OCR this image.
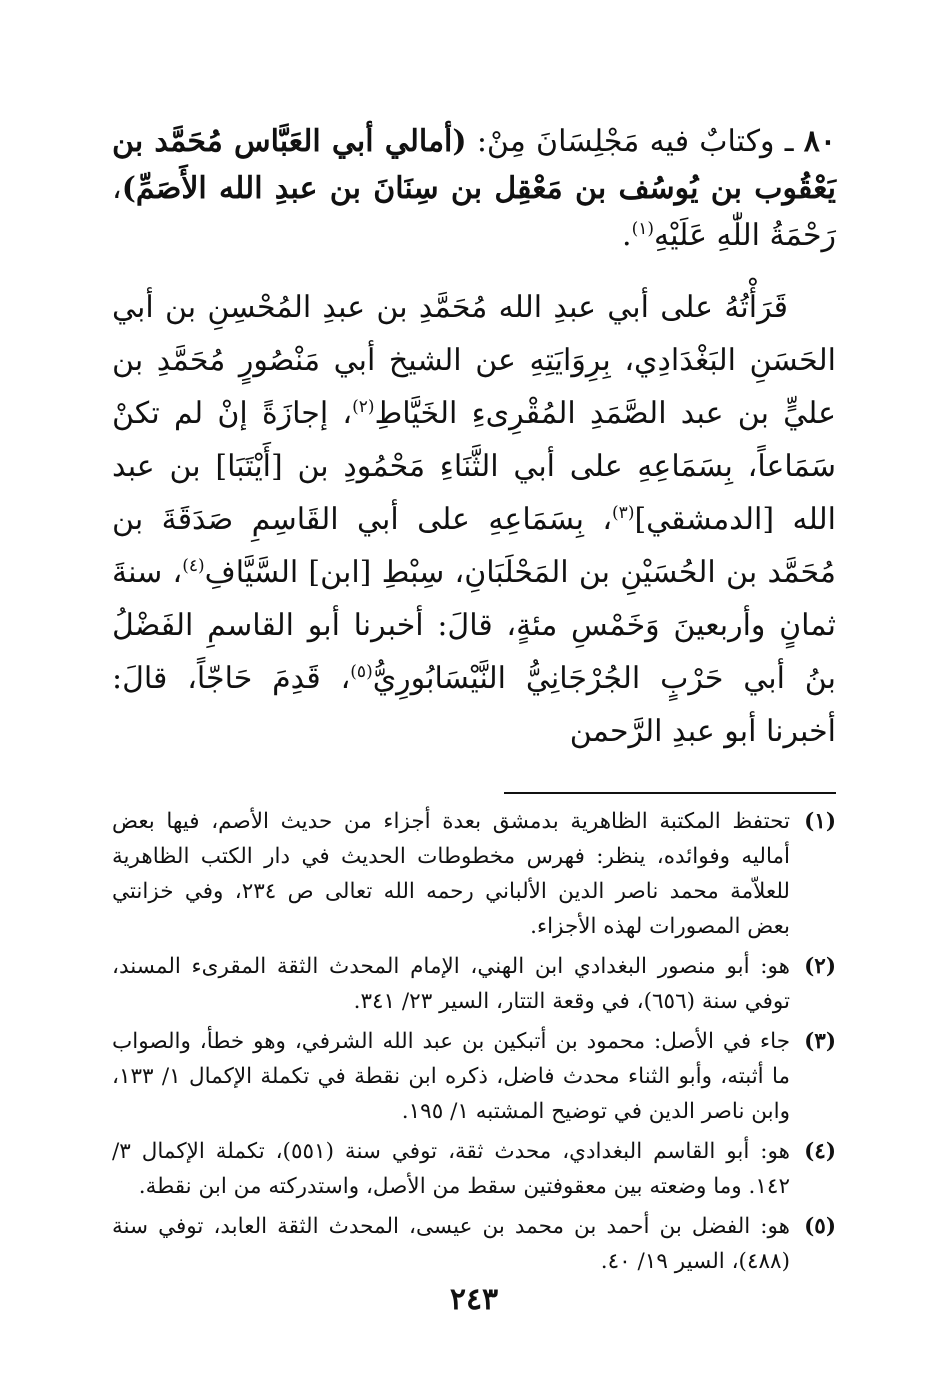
٨٠ ـ وكتابٌ فيه مَجْلِسَانَ مِنْ: (أمالي أبي العَبَّاس مُحَمَّد بن يَعْقُوب بن يُوسُف بن مَعْقِل بن سِنَانَ بن عبدِ الله الأَصَمِّ)، رَحْمَةُ اللّٰهِ عَلَيْهِ$^{(١)}$.

قَرَأْتُهُ على أبي عبدِ الله مُحَمَّدِ بن عبدِ المُحْسِنِ بن أبي الحَسَنِ البَغْدَادِي، بِرِوَايَتِهِ عن الشيخ أبي مَنْصُورٍ مُحَمَّدِ بن عليٍّ بن عبد الصَّمَدِ المُقْرِىءِ الخَيَّاطِ$^{(٢)}$، إجازَةً إنْ لم تكنْ سَمَاعاً، بِسَمَاعِهِ على أبي الثَّنَاءِ مَحْمُودِ بن [أَيْتَبَا] بن عبد الله [الدمشقي]$^{(٣)}$، بِسَمَاعِهِ على أبي القَاسِمِ صَدَقَةَ بن مُحَمَّد بن الحُسَيْنِ بن المَحْلَبَانِ، سِبْطِ [ابن] السَّيَّافِ$^{(٤)}$، سنةَ ثمانٍ وأربعينَ وَخَمْسِ مئةٍ، قالَ: أخبرنا أبو القاسمِ الفَضْلُ بنُ أبي حَرْبٍ الجُرْجَانِيُّ النَّيْسَابُورِيُّ$^{(٥)}$، قَدِمَ حَاجّاً، قالَ: أخبرنا أبو عبدِ الرَّحمن

(١)
تحتفظ المكتبة الظاهرية بدمشق بعدة أجزاء من حديث الأصم، فيها بعض أماليه وفوائده، ينظر: فهرس مخطوطات الحديث في دار الكتب الظاهرية للعلاّمة محمد ناصر الدين الألباني رحمه الله تعالى ص ٢٣٤، وفي خزانتي بعض المصورات لهذه الأجزاء.
(٢)
هو: أبو منصور البغدادي ابن الهني، الإمام المحدث الثقة المقرىء المسند، توفي سنة (٦٥٦)، في وقعة التتار، السير ٢٣/ ٣٤١.
(٣)
جاء في الأصل: محمود بن أتبكين بن عبد الله الشرفي، وهو خطأ، والصواب ما أثبته، وأبو الثناء محدث فاضل، ذكره ابن نقطة في تكملة الإكمال ١/ ١٣٣، وابن ناصر الدين في توضيح المشتبه ١/ ١٩٥.
(٤)
هو: أبو القاسم البغدادي، محدث ثقة، توفي سنة (٥٥١)، تكملة الإكمال ٣/ ١٤٢. وما وضعته بين معقوفتين سقط من الأصل، واستدركته من ابن نقطة.
(٥)
هو: الفضل بن أحمد بن محمد بن عيسى، المحدث الثقة العابد، توفي سنة (٤٨٨)، السير ١٩/ ٤٠.
٢٤٣
